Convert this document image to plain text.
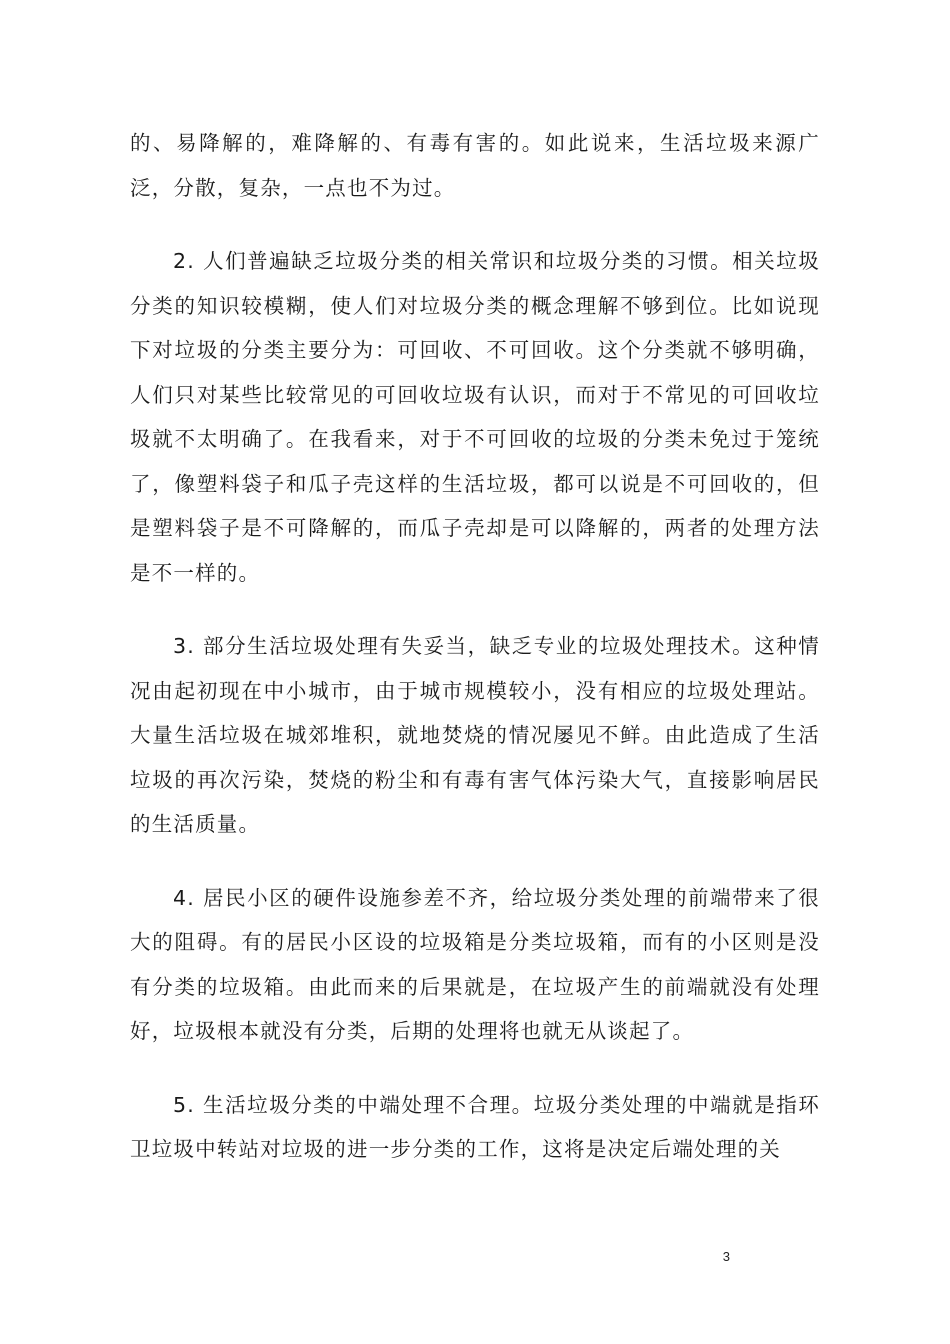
的、易降解的，难降解的、有毒有害的。如此说来，生活垃圾来源广泛，分散，复杂，一点也不为过。

2. 人们普遍缺乏垃圾分类的相关常识和垃圾分类的习惯。相关垃圾分类的知识较模糊，使人们对垃圾分类的概念理解不够到位。比如说现下对垃圾的分类主要分为：可回收、不可回收。这个分类就不够明确，人们只对某些比较常见的可回收垃圾有认识，而对于不常见的可回收垃圾就不太明确了。在我看来，对于不可回收的垃圾的分类未免过于笼统了，像塑料袋子和瓜子壳这样的生活垃圾，都可以说是不可回收的，但是塑料袋子是不可降解的，而瓜子壳却是可以降解的，两者的处理方法是不一样的。

3. 部分生活垃圾处理有失妥当，缺乏专业的垃圾处理技术。这种情况由起初现在中小城市，由于城市规模较小，没有相应的垃圾处理站。大量生活垃圾在城郊堆积，就地焚烧的情况屡见不鲜。由此造成了生活垃圾的再次污染，焚烧的粉尘和有毒有害气体污染大气，直接影响居民的生活质量。

4. 居民小区的硬件设施参差不齐，给垃圾分类处理的前端带来了很大的阻碍。有的居民小区设的垃圾箱是分类垃圾箱，而有的小区则是没有分类的垃圾箱。由此而来的后果就是，在垃圾产生的前端就没有处理好，垃圾根本就没有分类，后期的处理将也就无从谈起了。

5. 生活垃圾分类的中端处理不合理。垃圾分类处理的中端就是指环卫垃圾中转站对垃圾的进一步分类的工作，这将是决定后端处理的关

3
